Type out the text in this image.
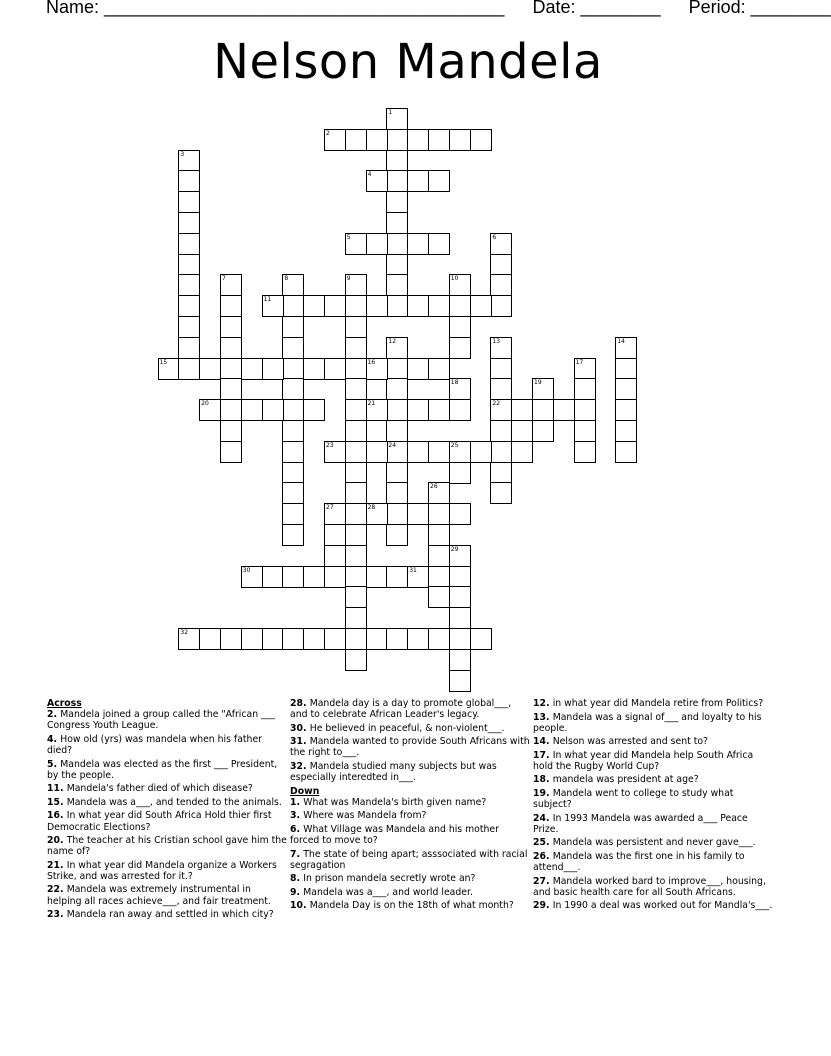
Name: ________________________________________ Date: ________ Period: ________
Nelson Mandela
1
2
3
4
5	6
7	8	9	10
11
12
24
13
22
14
15	16	17
18	19
20	21
23	25
26
27	28
29
30	31
32
Across
2. Mandela joined a group called the "African ___ Congress Youth League.
4. How old (yrs) was mandela when his father died?
5. Mandela was elected as the first ___ President, by the people.
11. Mandela's father died of which disease?
15. Mandela was a___, and tended to the animals.
16. In what year did South Africa Hold thier first Democratic Elections?
20. The teacher at his Cristian school gave him the name of?
21. In what year did Mandela organize a Workers Strike, and was arrested for it.?
22. Mandela was extremely instrumental in helping all races achieve___, and fair treatment.
23. Mandela ran away and settled in which city?
28. Mandela day is a day to promote global___, and to celebrate African Leader's legacy.
30. He believed in peaceful, & non-violent___.
31. Mandela wanted to provide South Africans with the right to___.
32. Mandela studied many subjects but was especially interedted in___.
Down
1. What was Mandela's birth given name?
3. Where was Mandela from?
6. What Village was Mandela and his mother forced to move to?
7. The state of being apart; asssociated with racial segragation
8. In prison mandela secretly wrote an?
9. Mandela was a___, and world leader.
10. Mandela Day is on the 18th of what month?
12. in what year did Mandela retire from Politics?
13. Mandela was a signal of___ and loyalty to his people.
14. Nelson was arrested and sent to?
17. In what year did Mandela help South Africa hold the Rugby World Cup?
18. mandela was president at age?
19. Mandela went to college to study what subject?
24. In 1993 Mandela was awarded a___ Peace Prize.
25. Mandela was persistent and never gave___.
26. Mandela was the first one in his family to attend___.
27. Mandela worked bard to improve___, housing, and basic health care for all South Africans.
29. In 1990 a deal was worked out for Mandla's___.
